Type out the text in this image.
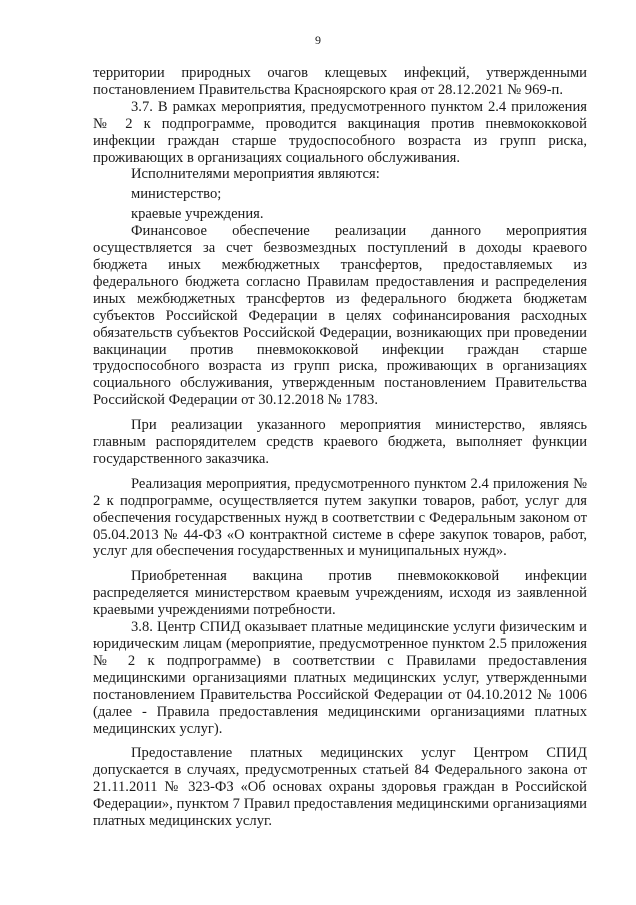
9

территории природных очагов клещевых инфекций, утвержденными постановлением Правительства Красноярского края от 28.12.2021 № 969-п.

3.7. В рамках мероприятия, предусмотренного пунктом 2.4 приложения № 2 к подпрограмме, проводится вакцинация против пневмококковой инфекции граждан старше трудоспособного возраста из групп риска, проживающих в организациях социального обслуживания.

Исполнителями мероприятия являются:

министерство;

краевые учреждения.

Финансовое обеспечение реализации данного мероприятия осуществляется за счет безвозмездных поступлений в доходы краевого бюджета иных межбюджетных трансфертов, предоставляемых из федерального бюджета согласно Правилам предоставления и распределения иных межбюджетных трансфертов из федерального бюджета бюджетам субъектов Российской Федерации в целях софинансирования расходных обязательств субъектов Российской Федерации, возникающих при проведении вакцинации против пневмококковой инфекции граждан старше трудоспособного возраста из групп риска, проживающих в организациях социального обслуживания, утвержденным постановлением Правительства Российской Федерации от 30.12.2018 № 1783.

При реализации указанного мероприятия министерство, являясь главным распорядителем средств краевого бюджета, выполняет функции государственного заказчика.

Реализация мероприятия, предусмотренного пунктом 2.4 приложения № 2 к подпрограмме, осуществляется путем закупки товаров, работ, услуг для обеспечения государственных нужд в соответствии с Федеральным законом от 05.04.2013 № 44-ФЗ «О контрактной системе в сфере закупок товаров, работ, услуг для обеспечения государственных и муниципальных нужд».

Приобретенная вакцина против пневмококковой инфекции распределяется министерством краевым учреждениям, исходя из заявленной краевыми учреждениями потребности.

3.8. Центр СПИД оказывает платные медицинские услуги физическим и юридическим лицам (мероприятие, предусмотренное пунктом 2.5 приложения № 2 к подпрограмме) в соответствии с Правилами предоставления медицинскими организациями платных медицинских услуг, утвержденными постановлением Правительства Российской Федерации от 04.10.2012 № 1006 (далее - Правила предоставления медицинскими организациями платных медицинских услуг).

Предоставление платных медицинских услуг Центром СПИД допускается в случаях, предусмотренных статьей 84 Федерального закона от 21.11.2011 № 323-ФЗ «Об основах охраны здоровья граждан в Российской Федерации», пунктом 7 Правил предоставления медицинскими организациями платных медицинских услуг.
